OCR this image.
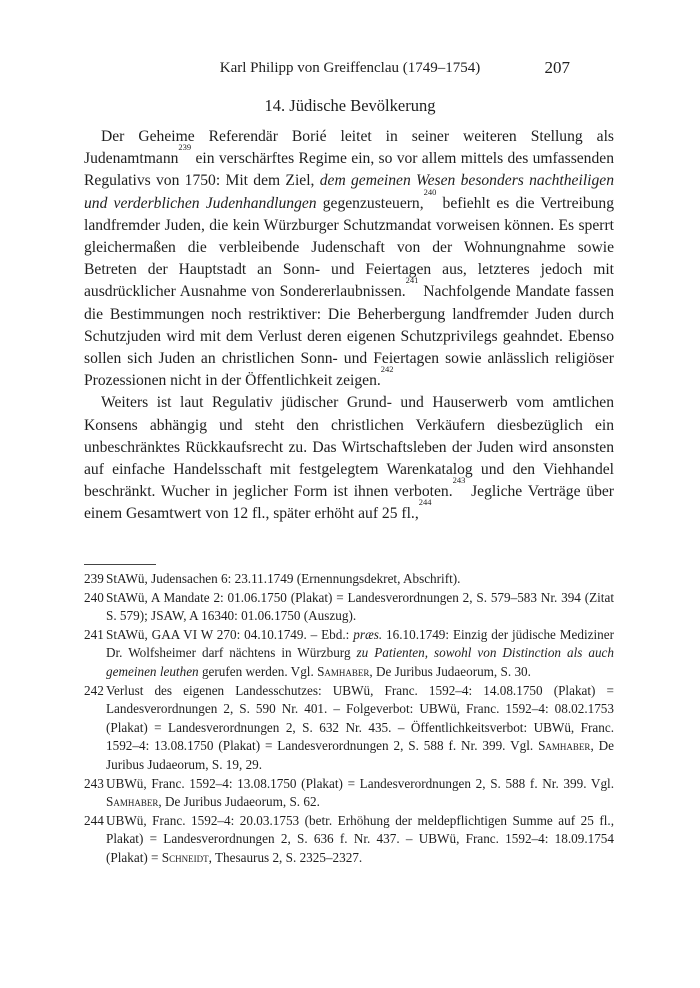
Karl Philipp von Greiffenclau (1749–1754)	207
14. Jüdische Bevölkerung

Der Geheime Referendär Borié leitet in seiner weiteren Stellung als Judenamtmann$^{239}$ ein verschärftes Regime ein, so vor allem mittels des umfassenden Regulativs von 1750: Mit dem Ziel, dem gemeinen Wesen besonders nachtheiligen und verderblichen Judenhandlungen gegenzusteuern,$^{240}$ befiehlt es die Vertreibung landfremder Juden, die kein Würzburger Schutzmandat vorweisen können. Es sperrt gleichermaßen die verbleibende Judenschaft von der Wohnungnahme sowie Betreten der Hauptstadt an Sonn- und Feiertagen aus, letzteres jedoch mit ausdrücklicher Ausnahme von Sondererlaubnissen.$^{241}$ Nachfolgende Mandate fassen die Bestimmungen noch restriktiver: Die Beherbergung landfremder Juden durch Schutzjuden wird mit dem Verlust deren eigenen Schutzprivilegs geahndet. Ebenso sollen sich Juden an christlichen Sonn- und Feiertagen sowie anlässlich religiöser Prozessionen nicht in der Öffentlichkeit zeigen.$^{242}$

Weiters ist laut Regulativ jüdischer Grund- und Hauserwerb vom amtlichen Konsens abhängig und steht den christlichen Verkäufern diesbezüglich ein unbeschränktes Rückkaufsrecht zu. Das Wirtschaftsleben der Juden wird ansonsten auf einfache Handelsschaft mit festgelegtem Warenkatalog und den Viehhandel beschränkt. Wucher in jeglicher Form ist ihnen verboten.$^{243}$ Jegliche Verträge über einem Gesamtwert von 12 fl., später erhöht auf 25 fl.,$^{244}$

239 StAWü, Judensachen 6: 23.11.1749 (Ernennungsdekret, Abschrift).
240 StAWü, A Mandate 2: 01.06.1750 (Plakat) = Landesverordnungen 2, S. 579–583 Nr. 394 (Zitat S. 579); JSAW, A 16340: 01.06.1750 (Auszug).
241 StAWü, GAA VI W 270: 04.10.1749. – Ebd.: præs. 16.10.1749: Einzig der jüdische Mediziner Dr. Wolfsheimer darf nächtens in Würzburg zu Patienten, sowohl von Distinction als auch gemeinen leuthen gerufen werden. Vgl. Samhaber, De Juribus Judaeorum, S. 30.
242 Verlust des eigenen Landesschutzes: UBWü, Franc. 1592–4: 14.08.1750 (Plakat) = Landesverordnungen 2, S. 590 Nr. 401. – Folgeverbot: UBWü, Franc. 1592–4: 08.02.1753 (Plakat) = Landesverordnungen 2, S. 632 Nr. 435. – Öffentlichkeitsverbot: UBWü, Franc. 1592–4: 13.08.1750 (Plakat) = Landesverordnungen 2, S. 588 f. Nr. 399. Vgl. Samhaber, De Juribus Judaeorum, S. 19, 29.
243 UBWü, Franc. 1592–4: 13.08.1750 (Plakat) = Landesverordnungen 2, S. 588 f. Nr. 399. Vgl. Samhaber, De Juribus Judaeorum, S. 62.
244 UBWü, Franc. 1592–4: 20.03.1753 (betr. Erhöhung der meldepflichtigen Summe auf 25 fl., Plakat) = Landesverordnungen 2, S. 636 f. Nr. 437. – UBWü, Franc. 1592–4: 18.09.1754 (Plakat) = Schneidt, Thesaurus 2, S. 2325–2327.
